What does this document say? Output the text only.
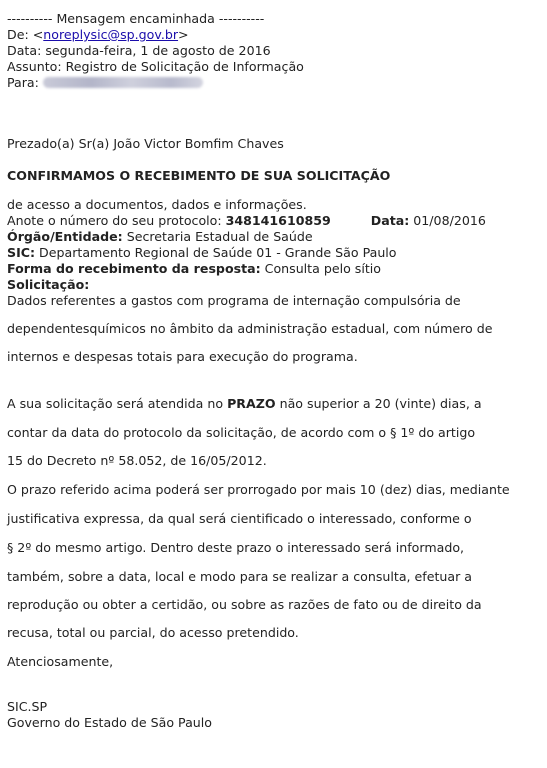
---------- Mensagem encaminhada ----------
De: <noreplysic@sp.gov.br>
Data: segunda-feira, 1 de agosto de 2016
Assunto: Registro de Solicitação de Informação
Para:
Prezado(a) Sr(a) João Victor Bomfim Chaves
CONFIRMAMOS O RECEBIMENTO DE SUA SOLICITAÇÃO
de acesso a documentos, dados e informações.
Anote o número do seu protocolo: 348141610859	Data: 01/08/2016
Órgão/Entidade: Secretaria Estadual de Saúde
SIC: Departamento Regional de Saúde 01 - Grande São Paulo
Forma do recebimento da resposta: Consulta pelo sítio
Solicitação:
Dados referentes a gastos com programa de internação compulsória de
dependentesquímicos no âmbito da administração estadual, com número de
internos e despesas totais para execução do programa.
A sua solicitação será atendida no PRAZO não superior a 20 (vinte) dias, a
contar da data do protocolo da solicitação, de acordo com o § 1º do artigo
15 do Decreto nº 58.052, de 16/05/2012.
O prazo referido acima poderá ser prorrogado por mais 10 (dez) dias, mediante
justificativa expressa, da qual será cientificado o interessado, conforme o
§ 2º do mesmo artigo. Dentro deste prazo o interessado será informado,
também, sobre a data, local e modo para se realizar a consulta, efetuar a
reprodução ou obter a certidão, ou sobre as razões de fato ou de direito da
recusa, total ou parcial, do acesso pretendido.
Atenciosamente,
SIC.SP
Governo do Estado de São Paulo
